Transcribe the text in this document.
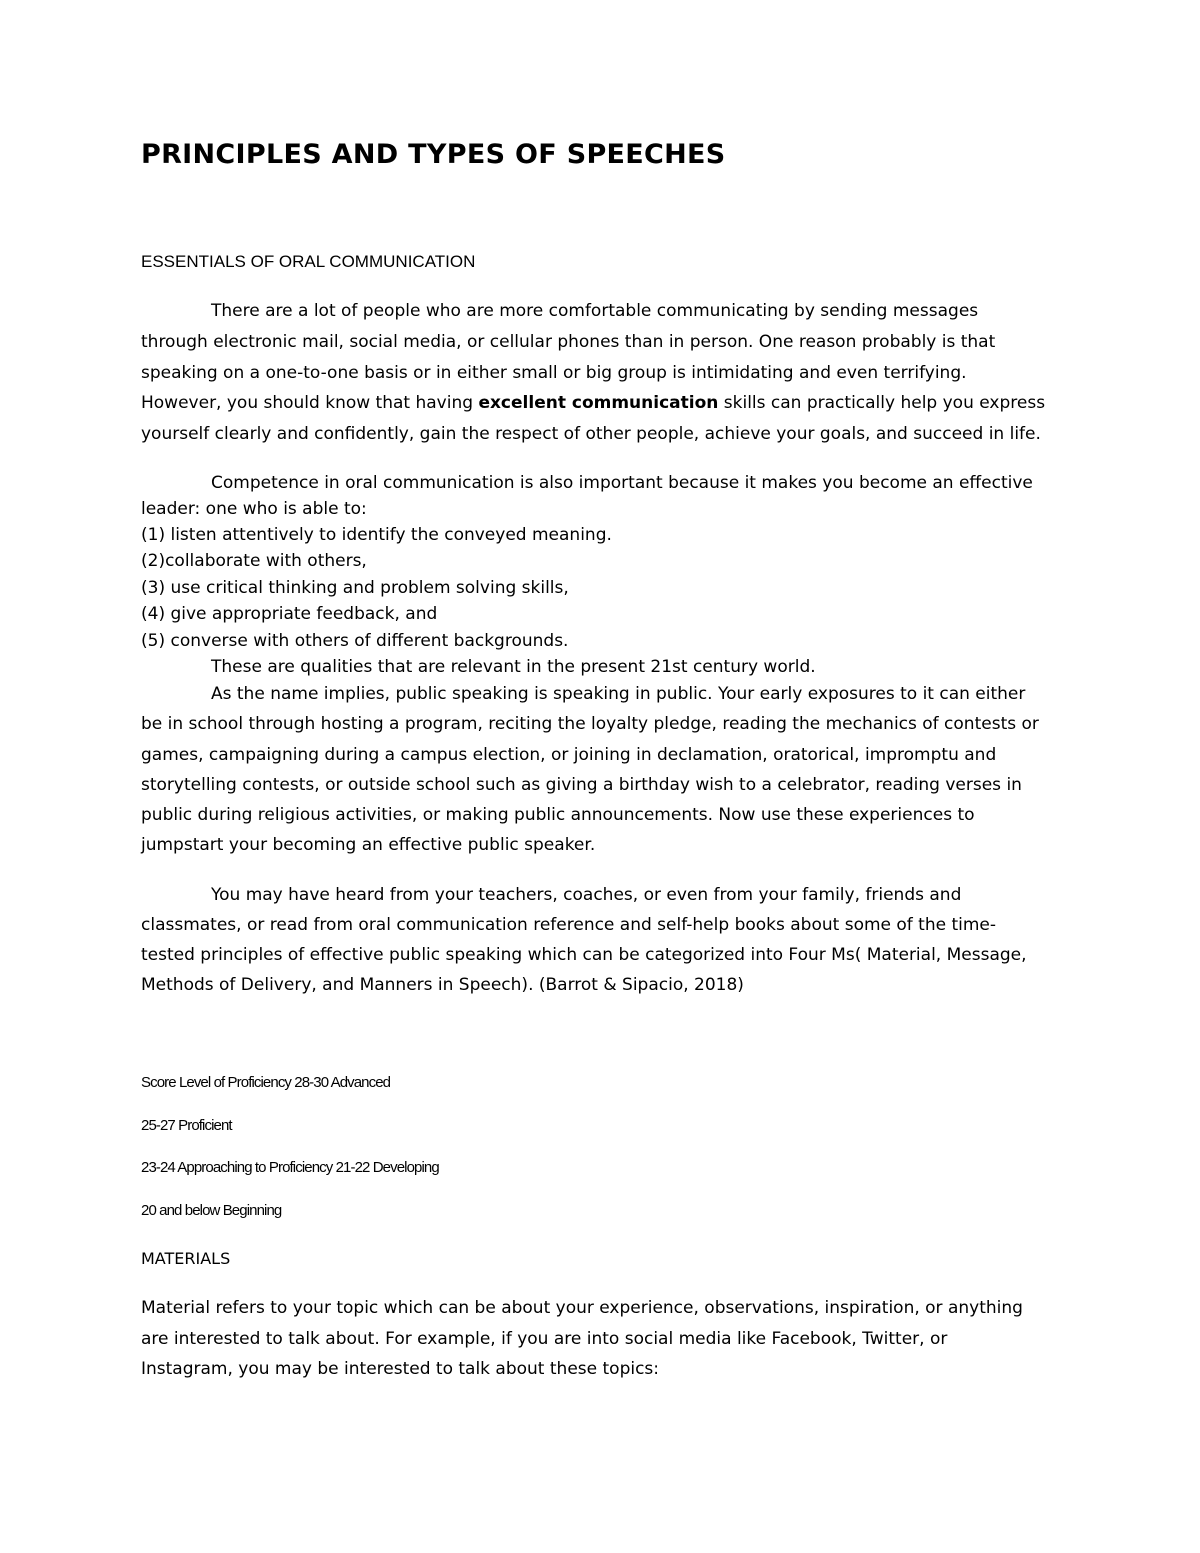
PRINCIPLES AND TYPES OF SPEECHES
ESSENTIALS OF ORAL COMMUNICATION

There are a lot of people who are more comfortable communicating by sending messages

through electronic mail, social media, or cellular phones than in person. One reason probably is that

speaking on a one-to-one basis or in either small or big group is intimidating and even terrifying.

However, you should know that having excellent communication skills can practically help you express

yourself clearly and confidently, gain the respect of other people, achieve your goals, and succeed in life.

Competence in oral communication is also important because it makes you become an effective

leader: one who is able to:

(1) listen attentively to identify the conveyed meaning.

(2)collaborate with others,

(3) use critical thinking and problem solving skills,

(4) give appropriate feedback, and

(5) converse with others of different backgrounds.

These are qualities that are relevant in the present 21st century world.

As the name implies, public speaking is speaking in public. Your early exposures to it can either

be in school through hosting a program, reciting the loyalty pledge, reading the mechanics of contests or

games, campaigning during a campus election, or joining in declamation, oratorical, impromptu and

storytelling contests, or outside school such as giving a birthday wish to a celebrator, reading verses in

public during religious activities, or making public announcements. Now use these experiences to

jumpstart your becoming an effective public speaker.

You may have heard from your teachers, coaches, or even from your family, friends and

classmates, or read from oral communication reference and self-help books about some of the time-

tested principles of effective public speaking which can be categorized into Four Ms( Material, Message,

Methods of Delivery, and Manners in Speech). (Barrot & Sipacio, 2018)

Score Level of Proficiency 28-30 Advanced

25-27 Proficient

23-24 Approaching to Proficiency 21-22 Developing

20 and below Beginning

MATERIALS

Material refers to your topic which can be about your experience, observations, inspiration, or anything

are interested to talk about. For example, if you are into social media like Facebook, Twitter, or

Instagram, you may be interested to talk about these topics:
